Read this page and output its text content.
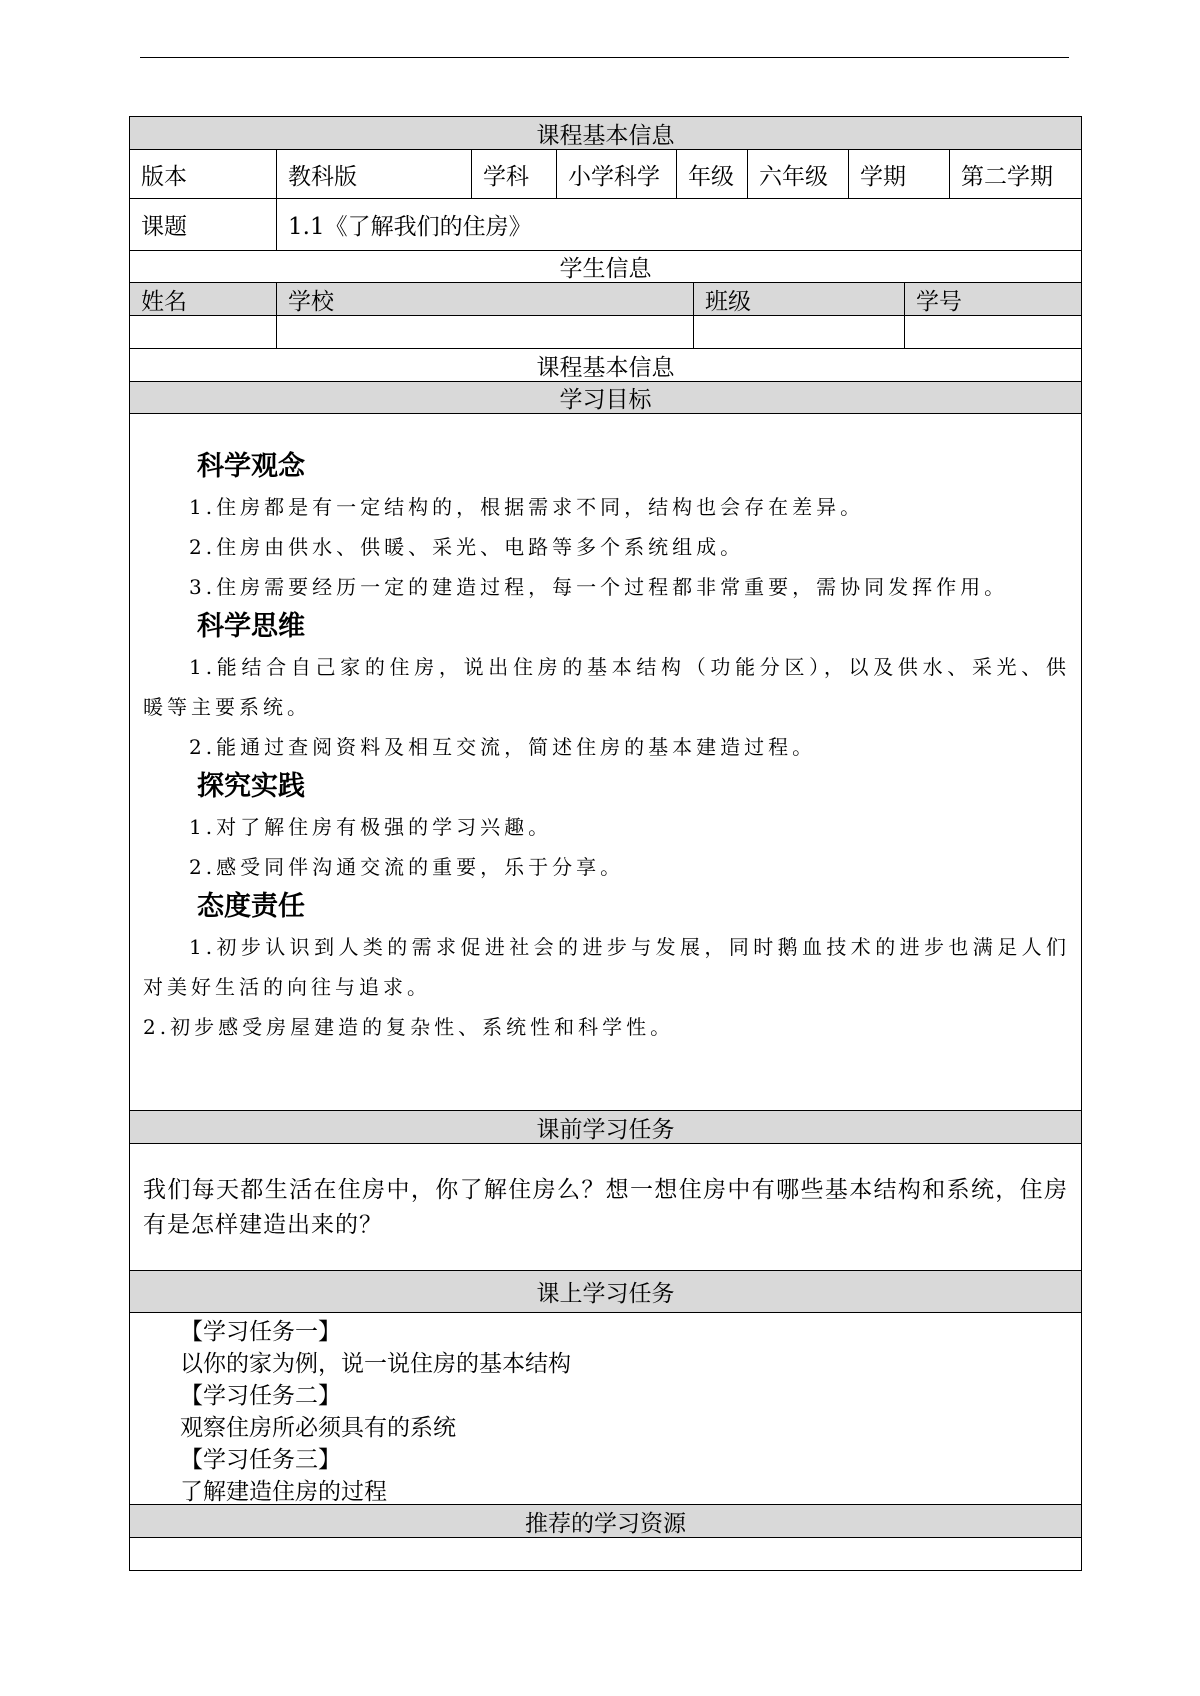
课程基本信息
版本	教科版	学科	小学科学	年级	六年级	学期	第二学期
课题	1.1《了解我们的住房》
学生信息
姓名	学校	班级	学号
课程基本信息
学习目标
科学观念
1.住房都是有一定结构的，根据需求不同，结构也会存在差异。
2.住房由供水、供暖、采光、电路等多个系统组成。
3.住房需要经历一定的建造过程，每一个过程都非常重要，需协同发挥作用。
科学思维
1.能结合自己家的住房，说出住房的基本结构（功能分区），以及供水、采光、供暖等主要系统。
2.能通过查阅资料及相互交流，简述住房的基本建造过程。
探究实践
1.对了解住房有极强的学习兴趣。
2.感受同伴沟通交流的重要，乐于分享。
态度责任
1.初步认识到人类的需求促进社会的进步与发展，同时鹅血技术的进步也满足人们对美好生活的向往与追求。
2.初步感受房屋建造的复杂性、系统性和科学性。
课前学习任务
我们每天都生活在住房中，你了解住房么？想一想住房中有哪些基本结构和系统，住房有是怎样建造出来的？
课上学习任务
【学习任务一】
以你的家为例，说一说住房的基本结构
【学习任务二】
观察住房所必须具有的系统
【学习任务三】
了解建造住房的过程
推荐的学习资源
